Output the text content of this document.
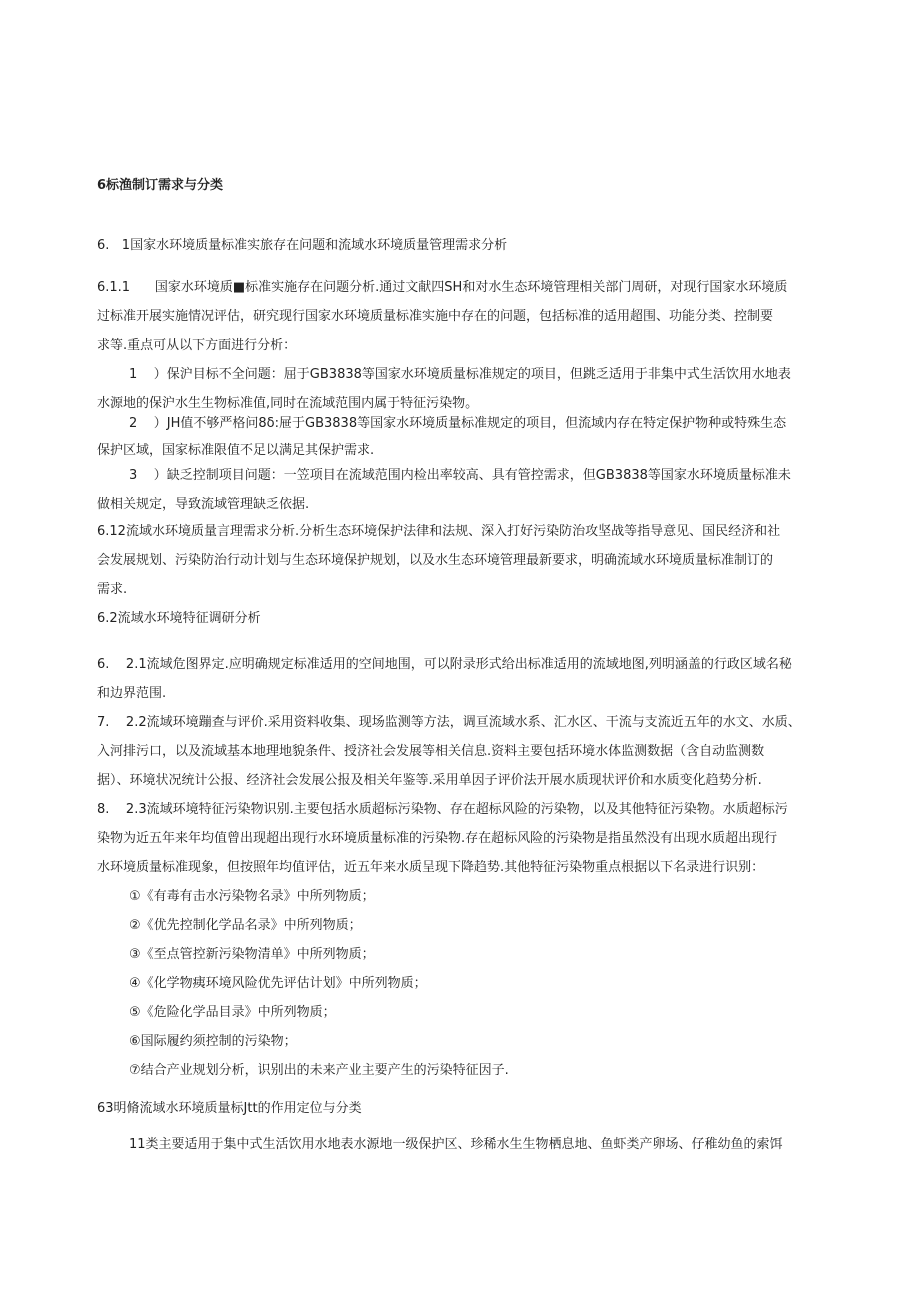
6标渔制订需求与分类
6.   1国家水环境质量标准实旅存在问题和流域水环境质量管理需求分析
6.1.1      国家水环境质■标准实施存在问题分析.通过文献四SH和对水生态环境管理相关部门周研，对现行国家水环境质
过标准开展实施情况评估，研究现行国家水环境质量标准实施中存在的问题，包括标准的适用超围、功能分类、控制要
求等.重点可从以下方面进行分析：
1    ）保沪目标不全问题：屈于GB3838等国家水环境质量标准规定的项目，但跳乏适用于非集中式生活饮用水地表
水源地的保沪水生生物标准值,同时在流域范围内属于特征污染物。
2    ）JH值不够严格问8δ:屉于GB3838等国家水环境质量标准规定的项目，但流域内存在特定保护物种或特殊生态
保护区域，国家标准限值不足以满足其保护需求.
3    ）缺乏控制项目问题：一笠项目在流域范围内检出率较高、具有管控需求，但GB3838等国家水环境质量标准未
做相关规定，导致流域管理缺乏依据.
6.12流域水环境质量言理需求分析.分析生态环境保护法律和法规、深入打好污染防治攻坚战等指导意见、国民经济和社
会发展规划、污染防治行动计划与生态环境保护规划，以及水生态环境管理最新要求，明确流域水环境质量标准制订的
需求.
6.2流域水环境特征调研分析
6.    2.1流域危图界定.应明确规定标准适用的空间地围，可以附录形式给出标准适用的流域地图,列明涵盖的行政区域名秘
和边界范围.
7.    2.2流域环境蹦查与评价.采用资料收集、现场监测等方法，调亘流域水系、汇水区、干流与支流近五年的水文、水质、
入河排污口，以及流域基本地理地貌条件、授济社会发展等相关信息.资料主要包括环境水体监测数据（含自动监测数
据）、环境状况统计公报、经济社会发展公报及相关年鉴等.采用单因子评价法开展水质现状评价和水质变化趋势分析.
8.    2.3流域环境特征污染物识别.主要包括水质超标污染物、存在超标风险的污染物，以及其他特征污染物。水质超标污
染物为近五年来年均值曾出现超出现行水环境质量标准的污染物.存在超标风险的污染物是指虽然没有出现水质超出现行
水环境质量标准现象，但按照年均值评估，近五年来水质呈现下降趋势.其他特征污染物重点根据以下名录进行识别：
①《有毒有击水污染物名录》中所列物质；
②《优先控制化学品名录》中所列物质；
③《至点管控新污染物清单》中所列物质；
④《化学物痍环境风险优先评估计划》中所列物质；
⑤《危险化学品目录》中所列物质；
⑥国际履约须控制的污染物；
⑦结合产业规划分析，识别出的未来产业主要产生的污染特征因子.
63明脩流域水环境质量标Jtt的作用定位与分类
11类主要适用于集中式生活饮用水地表水源地一级保护区、珍稀水生生物栖息地、鱼虾类产卵场、仔稚幼鱼的索饵
